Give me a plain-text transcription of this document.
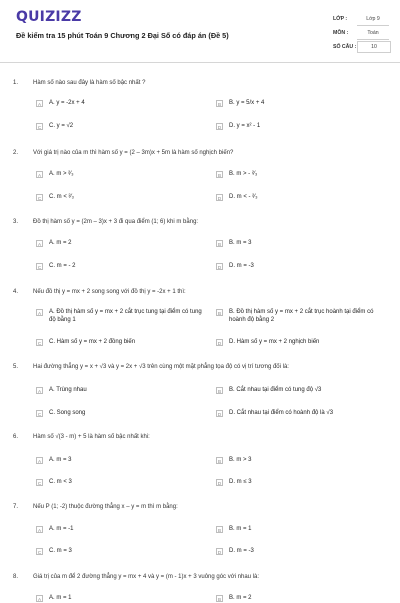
QUIZIZZ
Đề kiểm tra 15 phút Toán 9 Chương 2 Đại Số có đáp án (Đề 5)
LỚP :	Lớp 9
MÔN :	Toán
SỐ CÂU :	10
1. Hàm số nào sau đây là hàm số bậc nhất ?
A	A. y = -2x + 4	B	B. y = 5/x + 4
C	C. y = √2	D	D. y = x² - 1
2. Với giá trị nào của m thì hàm số y = (2 – 3m)x + 5m là hàm số nghịch biến?
A	A. m > ²⁄₃	B	B. m > - ²⁄₃
C	C. m < ²⁄₃	D	D. m < - ²⁄₃
3. Đồ thị hàm số y = (2m – 3)x + 3 đi qua điểm (1; 6) khi m bằng:
A	A. m = 2	B	B. m = 3
C	C. m = - 2	D	D. m = -3
4. Nếu đồ thị y = mx + 2 song song với đồ thị y = -2x + 1 thì:
A	A. Đồ thị hàm số y = mx + 2 cắt trục tung tại điểm có tung độ bằng 1
B	B. Đồ thị hàm số y = mx + 2 cắt trục hoành tại điểm có hoành độ bằng 2
C	C. Hàm số y = mx + 2 đồng biến	D	D. Hàm số y = mx + 2 nghịch biến
5. Hai đường thẳng y = x + √3 và y = 2x + √3 trên cùng một mặt phẳng tọa độ có vị trí tương đối là:
A	A. Trùng nhau	B	B. Cắt nhau tại điểm có tung độ √3
C	C. Song song	D	D. Cắt nhau tại điểm có hoành độ là √3
6. Hàm số √(3 - m) + 5 là hàm số bậc nhất khi:
A	A. m = 3	B	B. m > 3
C	C. m < 3	D	D. m ≤ 3
7. Nếu P (1; -2) thuộc đường thẳng x – y = m thì m bằng:
A	A. m = -1	B	B. m = 1
C	C. m = 3	D	D. m = -3
8. Giá trị của m để 2 đường thẳng y = mx + 4 và y = (m - 1)x + 3 vuông góc với nhau là:
A	A. m = 1	B	B. m = 2
